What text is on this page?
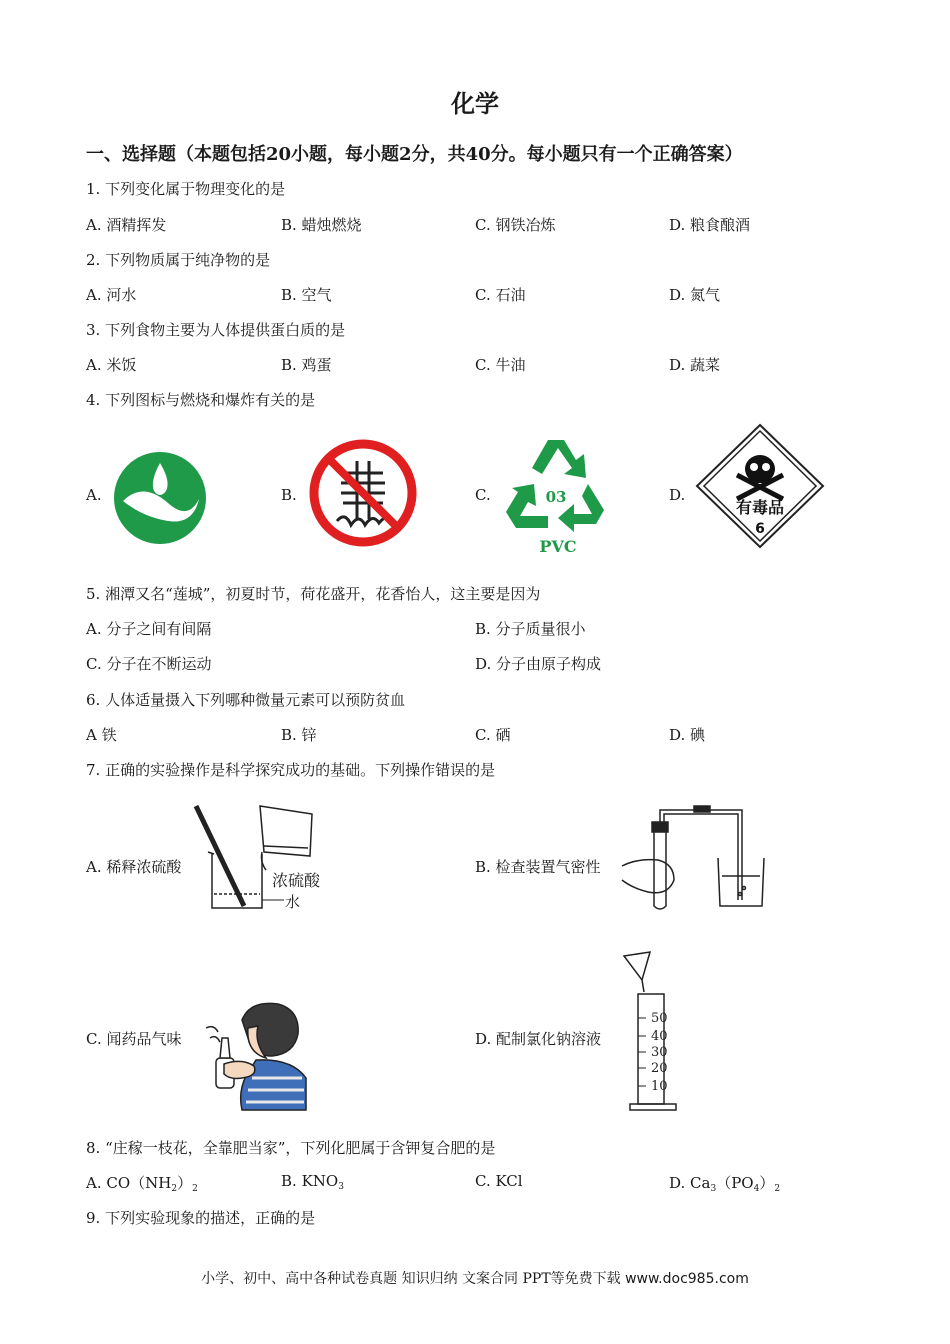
化学
一、选择题（本题包括20小题，每小题2分，共40分。每小题只有一个正确答案）
1. 下列变化属于物理变化的是
A. 酒精挥发	B. 蜡烛燃烧	C. 钢铁冶炼	D. 粮食酿酒
2. 下列物质属于纯净物的是
A. 河水	B. 空气	C. 石油	D. 氮气
3. 下列食物主要为人体提供蛋白质的是
A. 米饭	B. 鸡蛋	C. 牛油	D. 蔬菜
4. 下列图标与燃烧和爆炸有关的是
A.	B.	C.	D.
03
PVC
有毒品
6
5. 湘潭又名“莲城”，初夏时节，荷花盛开，花香怡人，这主要是因为
A. 分子之间有间隔	B. 分子质量很小
C. 分子在不断运动	D. 分子由原子构成
6. 人体适量摄入下列哪种微量元素可以预防贫血
A 铁	B. 锌	C. 硒	D. 碘
7. 正确的实验操作是科学探究成功的基础。下列操作错误的是
A. 稀释浓硫酸	B. 检查装置气密性
C. 闻药品气味	D. 配制氯化钠溶液
浓硫酸
水
50
40
30
20
10
8. “庄稼一枝花，全靠肥当家”，下列化肥属于含钾复合肥的是
A. $CO(NH_2)_2$	B. $KNO_3$	C. KCl	D. $Ca_3(PO_4)_2$
9. 下列实验现象的描述，正确的是
小学、初中、高中各种试卷真题 知识归纳 文案合同 PPT等免费下载 www.doc985.com
